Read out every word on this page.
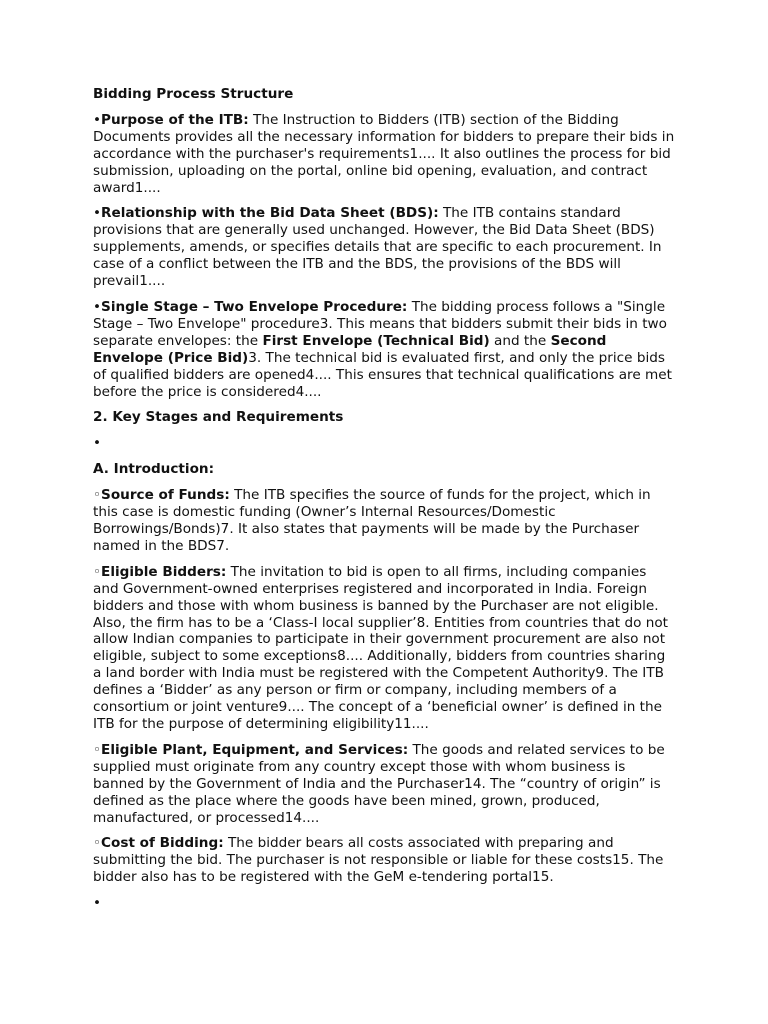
Bidding Process Structure

•Purpose of the ITB: The Instruction to Bidders (ITB) section of the Bidding Documents provides all the necessary information for bidders to prepare their bids in accordance with the purchaser's requirements1.... It also outlines the process for bid submission, uploading on the portal, online bid opening, evaluation, and contract award1....

•Relationship with the Bid Data Sheet (BDS): The ITB contains standard provisions that are generally used unchanged. However, the Bid Data Sheet (BDS) supplements, amends, or specifies details that are specific to each procurement. In case of a conflict between the ITB and the BDS, the provisions of the BDS will prevail1....

•Single Stage – Two Envelope Procedure: The bidding process follows a "Single Stage – Two Envelope" procedure3. This means that bidders submit their bids in two separate envelopes: the First Envelope (Technical Bid) and the Second Envelope (Price Bid)3. The technical bid is evaluated first, and only the price bids of qualified bidders are opened4.... This ensures that technical qualifications are met before the price is considered4....

2. Key Stages and Requirements

•

A. Introduction:

◦Source of Funds: The ITB specifies the source of funds for the project, which in this case is domestic funding (Owner’s Internal Resources/Domestic Borrowings/Bonds)7. It also states that payments will be made by the Purchaser named in the BDS7.

◦Eligible Bidders: The invitation to bid is open to all firms, including companies and Government-owned enterprises registered and incorporated in India. Foreign bidders and those with whom business is banned by the Purchaser are not eligible. Also, the firm has to be a ‘Class-I local supplier’8. Entities from countries that do not allow Indian companies to participate in their government procurement are also not eligible, subject to some exceptions8.... Additionally, bidders from countries sharing a land border with India must be registered with the Competent Authority9. The ITB defines a ‘Bidder’ as any person or firm or company, including members of a consortium or joint venture9.... The concept of a ‘beneficial owner’ is defined in the ITB for the purpose of determining eligibility11....

◦Eligible Plant, Equipment, and Services: The goods and related services to be supplied must originate from any country except those with whom business is banned by the Government of India and the Purchaser14. The “country of origin” is defined as the place where the goods have been mined, grown, produced, manufactured, or processed14....

◦Cost of Bidding: The bidder bears all costs associated with preparing and submitting the bid. The purchaser is not responsible or liable for these costs15. The bidder also has to be registered with the GeM e-tendering portal15.

•
